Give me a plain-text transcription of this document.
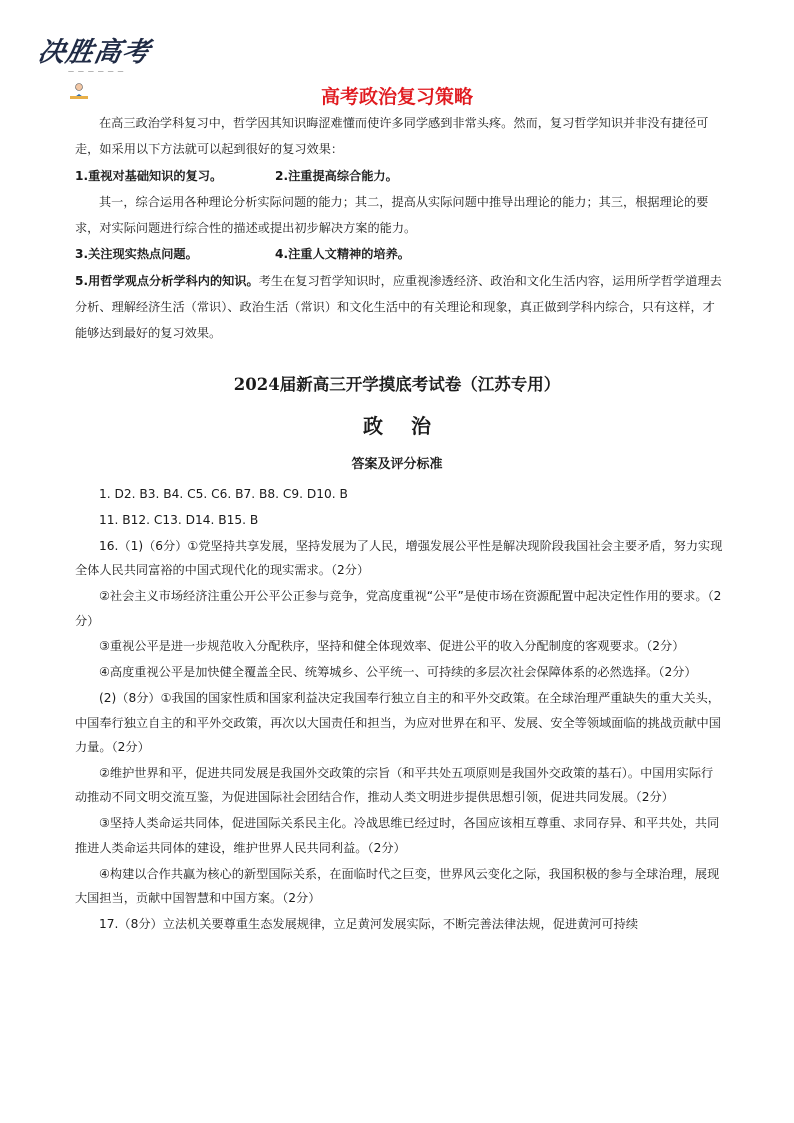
决胜高考
— — — — — —
高考政治复习策略

在高三政治学科复习中，哲学因其知识晦涩难懂而使许多同学感到非常头疼。然而，复习哲学知识并非没有捷径可走，如采用以下方法就可以起到很好的复习效果：

1.重视对基础知识的复习。	2.注重提高综合能力。

其一，综合运用各种理论分析实际问题的能力；其二，提高从实际问题中推导出理论的能力；其三，根据理论的要求，对实际问题进行综合性的描述或提出初步解决方案的能力。

3.关注现实热点问题。	4.注重人文精神的培养。

5.用哲学观点分析学科内的知识。考生在复习哲学知识时，应重视渗透经济、政治和文化生活内容，运用所学哲学道理去分析、理解经济生活（常识）、政治生活（常识）和文化生活中的有关理论和现象，真正做到学科内综合，只有这样，才能够达到最好的复习效果。

2024届新高三开学摸底考试卷（江苏专用）
政治
答案及评分标准

1. D2. B3. B4. C5. C6. B7. B8. C9. D10. B

11. B12. C13. D14. B15. B

16.（1)（6分）①党坚持共享发展，坚持发展为了人民，增强发展公平性是解决现阶段我国社会主要矛盾，努力实现全体人民共同富裕的中国式现代化的现实需求。（2分）

②社会主义市场经济注重公开公平公正参与竞争，党高度重视“公平”是使市场在资源配置中起决定性作用的要求。（2分）

③重视公平是进一步规范收入分配秩序，坚持和健全体现效率、促进公平的收入分配制度的客观要求。（2分）

④高度重视公平是加快健全覆盖全民、统筹城乡、公平统一、可持续的多层次社会保障体系的必然选择。（2分）

(2)（8分）①我国的国家性质和国家利益决定我国奉行独立自主的和平外交政策。在全球治理严重缺失的重大关头，中国奉行独立自主的和平外交政策，再次以大国责任和担当，为应对世界在和平、发展、安全等领域面临的挑战贡献中国力量。（2分）

②维护世界和平，促进共同发展是我国外交政策的宗旨（和平共处五项原则是我国外交政策的基石）。中国用实际行动推动不同文明交流互鉴，为促进国际社会团结合作，推动人类文明进步提供思想引领，促进共同发展。（2分）

③坚持人类命运共同体，促进国际关系民主化。冷战思维已经过时，各国应该相互尊重、求同存异、和平共处，共同推进人类命运共同体的建设，维护世界人民共同利益。（2分）

④构建以合作共赢为核心的新型国际关系，在面临时代之巨变，世界风云变化之际，我国积极的参与全球治理，展现大国担当，贡献中国智慧和中国方案。（2分）

17.（8分）立法机关要尊重生态发展规律，立足黄河发展实际，不断完善法律法规，促进黄河可持续
